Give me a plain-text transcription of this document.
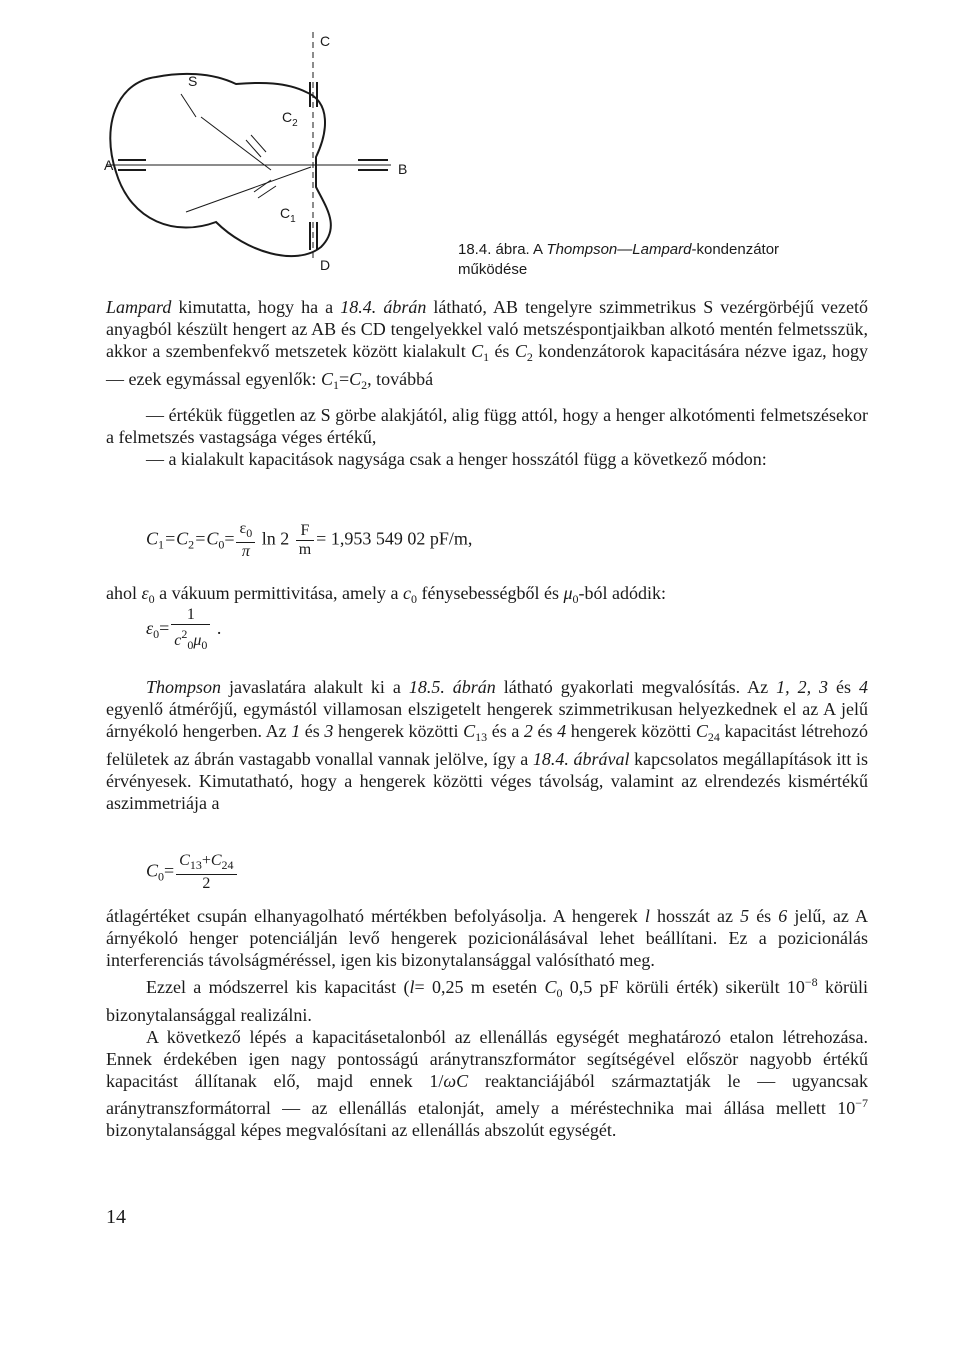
C
S
$C_2$
A	B
$C_1$
D
18.4. ábra. A Thompson—Lampard-kondenzátor
működése

Lampard kimutatta, hogy ha a 18.4. ábrán látható, AB tengelyre szimmetrikus S vezérgörbéjű vezető anyagból készült hengert az AB és CD tengelyekkel való metszéspontjaikban alkotó mentén felmetsszük, akkor a szembenfekvő metszetek között kialakult $C_1$ és $C_2$ kondenzátorok kapacitására nézve igaz, hogy — ezek egymással egyenlők: $C_1=C_2$, továbbá

— értékük független az S görbe alakjától, alig függ attól, hogy a henger alkotómenti felmetszésekor a felmetszés vastagsága véges értékű,

— a kialakult kapacitások nagysága csak a henger hosszától függ a következő módon:

$C_1=C_2=C_0= \frac{\varepsilon_0}{\pi}$ $\ln 2 \frac{F}{m} = 1,953$ 549 02 pF/m,

ahol $\varepsilon_0$ a vákuum permittivitása, amely a $c_0$ fénysebességből és $\mu_0$-ból adódik:

$\varepsilon_0= \frac{1}{c^2_0\mu_0}$ .

Thompson javaslatára alakult ki a 18.5. ábrán látható gyakorlati megvalósítás. Az 1, 2, 3 és 4 egyenlő átmérőjű, egymástól villamosan elszigetelt hengerek szimmetrikusan helyezkednek el az A jelű árnyékoló hengerben. Az 1 és 3 hengerek közötti $C_{13}$ és a 2 és 4 hengerek közötti $C_{24}$ kapacitást létrehozó felületek az ábrán vastagabb vonallal vannak jelölve, így a 18.4. ábrával kapcsolatos megállapítások itt is érvényesek. Kimutatható, hogy a hengerek közötti véges távolság, valamint az elrendezés kismértékű aszimmetriája a

$C_0= \frac{C_{13}+C_{24}}{2}$

átlagértéket csupán elhanyagolható mértékben befolyásolja. A hengerek l hosszát az 5 és 6 jelű, az A árnyékoló henger potenciálján levő hengerek pozicionálásával lehet beállítani. Ez a pozicionálás interferenciás távolságméréssel, igen kis bizonytalansággal valósítható meg.

Ezzel a módszerrel kis kapacitást (l= 0,25 m esetén $C_0$ 0,5 pF körüli érték) sikerült $10^{-8}$ körüli bizonytalansággal realizálni.

A következő lépés a kapacitásetalonból az ellenállás egységét meghatározó etalon létrehozása. Ennek érdekében igen nagy pontosságú aránytranszformátor segítségével először nagyobb értékű kapacitást állítanak elő, majd ennek 1/ωC reaktanciájából származtatják le — ugyancsak aránytranszformátorral — az ellenállás etalonját, amely a méréstechnika mai állása mellett $10^{-7}$ bizonytalansággal képes megvalósítani az ellenállás abszolút egységét.

14
